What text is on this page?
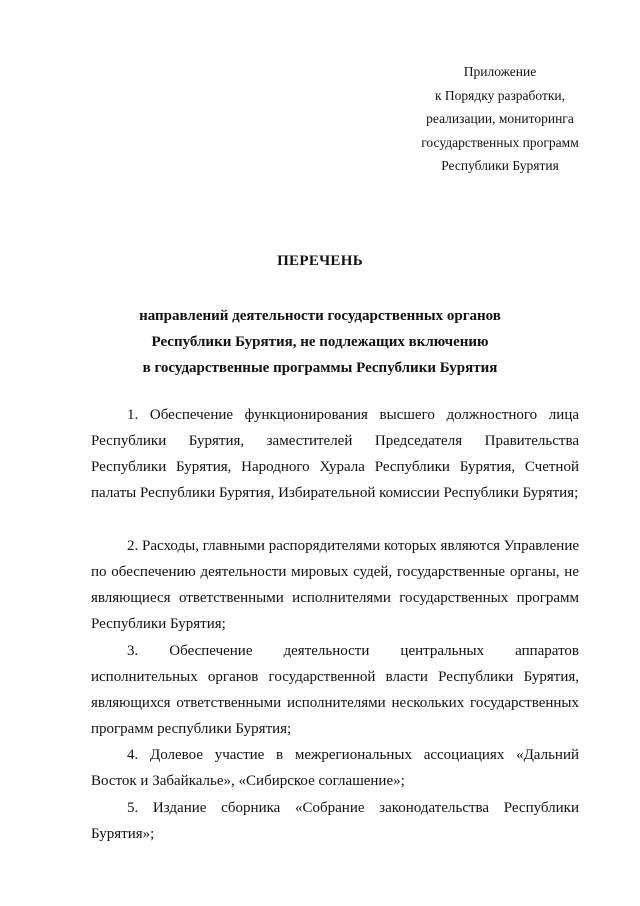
Приложение
к Порядку разработки,
реализации, мониторинга
государственных программ
Республики Бурятия
ПЕРЕЧЕНЬ
направлений деятельности государственных органов
Республики Бурятия, не подлежащих включению
в государственные программы Республики Бурятия

1. Обеспечение функционирования высшего должностного лица Республики Бурятия, заместителей Председателя Правительства Республики Бурятия, Народного Хурала Республики Бурятия, Счетной палаты Республики Бурятия, Избирательной комиссии Республики Бурятия;

2. Расходы, главными распорядителями которых являются Управление по обеспечению деятельности мировых судей, государственные органы, не являющиеся ответственными исполнителями государственных программ Республики Бурятия;

3. Обеспечение деятельности центральных аппаратов исполнительных органов государственной власти Республики Бурятия, являющихся ответственными исполнителями нескольких государственных программ республики Бурятия;

4. Долевое участие в межрегиональных ассоциациях «Дальний Восток и Забайкалье», «Сибирское соглашение»;

5. Издание сборника «Собрание законодательства Республики Бурятия»;
